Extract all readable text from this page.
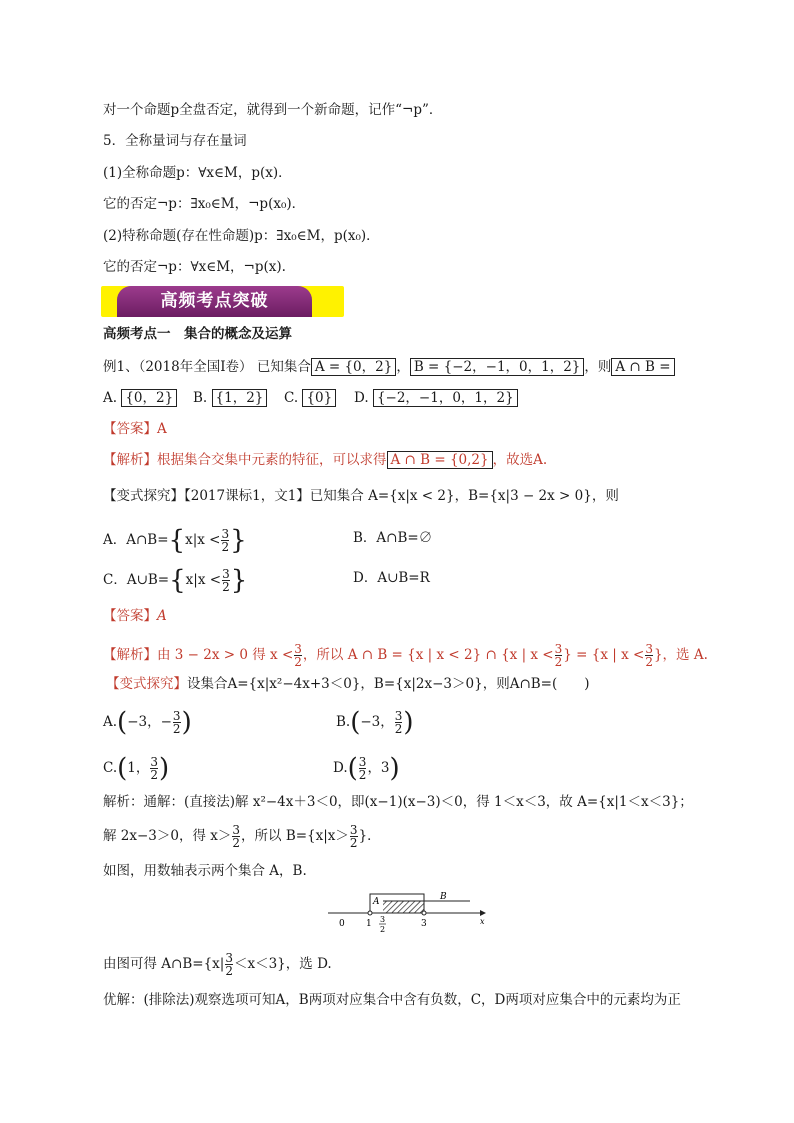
对一个命题p全盘否定，就得到一个新命题，记作“¬p”．
5．全称量词与存在量词
(1)全称命题p：∀x∈M，p(x)．
它的否定¬p：∃x₀∈M，¬p(x₀)．
(2)特称命题(存在性命题)p：∃x₀∈M，p(x₀)．
它的否定¬p：∀x∈M，¬p(x).
高频考点突破
高频考点一　集合的概念及运算
例1、（2018年全国Ⅰ卷） 已知集合 A = {0，2} ， B = {−2，−1，0，1，2} ，则 A ∩ B =
A. {0，2} B. {1，2} C. {0} D. {−2，−1，0，1，2}
【答案】A
【解析】根据集合交集中元素的特征，可以求得 A ∩ B = {0,2} ，故选A.
【变式探究】【2017课标1，文1】已知集合 A={x|x < 2}，B={x|3 − 2x > 0}，则
A．A∩B={x|x < $\frac{3}{2}$ }	B．A∩B=∅
C．A∪B={x|x < $\frac{3}{2}$ }	D．A∪B=R
【答案】A
【解析】由 3 − 2x > 0 得 $x < \frac{3}{2}$ ，所以 A ∩ B = {x | x < 2} ∩ {x | $x < \frac{3}{2}$ } = {x | $x < \frac{3}{2}$ }，选 A.
【变式探究】设集合A={x|x²−4x+3＜0}，B={x|2x−3＞0}，则A∩B=(　　)
A.(−3，− $\frac{3}{2}$ )	B.(−3， $\frac{3}{2}$ )
C.(1， $\frac{3}{2}$ )	$D.( \frac{3}{2}$ ，3)
解析：通解：(直接法)解 x²−4x＋3＜0，即(x−1)(x−3)＜0，得 1＜x＜3，故 A={x|1＜x＜3}；
解 2x−3＞0，得 $x> \frac{3}{2}$ ，所以 $B=\{x|x> \frac{3}{2}$ }．
如图，用数轴表示两个集合 A，B.
A	B
0 1 3
2
3	x
由图可得 A∩B={x| $\frac{3}{2} <x<3$}，选 D.
优解：(排除法)观察选项可知A，B两项对应集合中含有负数，C，D两项对应集合中的元素均为正
